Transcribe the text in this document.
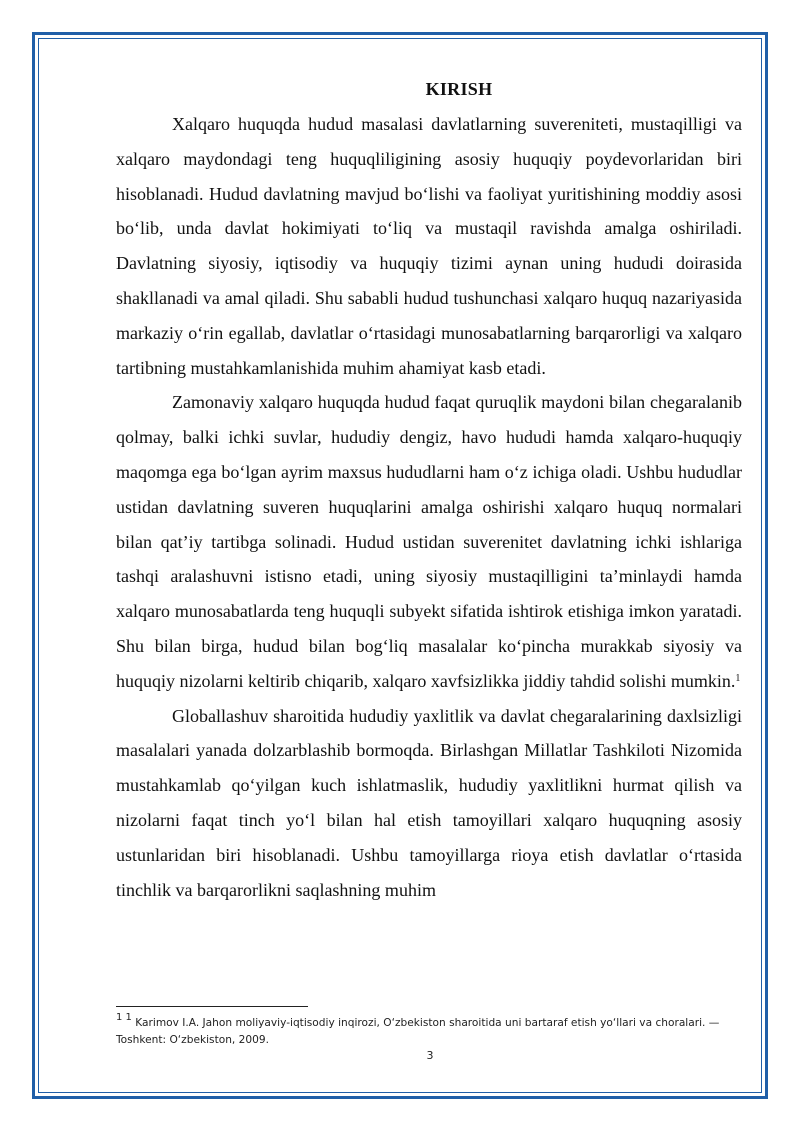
KIRISH

Xalqaro huquqda hudud masalasi davlatlarning suvereniteti, mustaqilligi va xalqaro maydondagi teng huquqliligining asosiy huquqiy poydevorlaridan biri hisoblanadi. Hudud davlatning mavjud bo‘lishi va faoliyat yuritishining moddiy asosi bo‘lib, unda davlat hokimiyati to‘liq va mustaqil ravishda amalga oshiriladi. Davlatning siyosiy, iqtisodiy va huquqiy tizimi aynan uning hududi doirasida shakllanadi va amal qiladi. Shu sababli hudud tushunchasi xalqaro huquq nazariyasida markaziy o‘rin egallab, davlatlar o‘rtasidagi munosabatlarning barqarorligi va xalqaro tartibning mustahkamlanishida muhim ahamiyat kasb etadi.

Zamonaviy xalqaro huquqda hudud faqat quruqlik maydoni bilan chegaralanib qolmay, balki ichki suvlar, hududiy dengiz, havo hududi hamda xalqaro-huquqiy maqomga ega bo‘lgan ayrim maxsus hududlarni ham o‘z ichiga oladi. Ushbu hududlar ustidan davlatning suveren huquqlarini amalga oshirishi xalqaro huquq normalari bilan qat’iy tartibga solinadi. Hudud ustidan suverenitet davlatning ichki ishlariga tashqi aralashuvni istisno etadi, uning siyosiy mustaqilligini ta’minlaydi hamda xalqaro munosabatlarda teng huquqli subyekt sifatida ishtirok etishiga imkon yaratadi. Shu bilan birga, hudud bilan bog‘liq masalalar ko‘pincha murakkab siyosiy va huquqiy nizolarni keltirib chiqarib, xalqaro xavfsizlikka jiddiy tahdid solishi mumkin.$^1$

Globallashuv sharoitida hududiy yaxlitlik va davlat chegaralarining daxlsizligi masalalari yanada dolzarblashib bormoqda. Birlashgan Millatlar Tashkiloti Nizomida mustahkamlab qo‘yilgan kuch ishlatmaslik, hududiy yaxlitlikni hurmat qilish va nizolarni faqat tinch yo‘l bilan hal etish tamoyillari xalqaro huquqning asosiy ustunlaridan biri hisoblanadi. Ushbu tamoyillarga rioya etish davlatlar o‘rtasida tinchlik va barqarorlikni saqlashning muhim

$^{1 1}$ Karimov I.A. Jahon moliyaviy-iqtisodiy inqirozi, O‘zbekiston sharoitida uni bartaraf etish yo‘llari va choralari. — Toshkent: O‘zbekiston, 2009.
3
